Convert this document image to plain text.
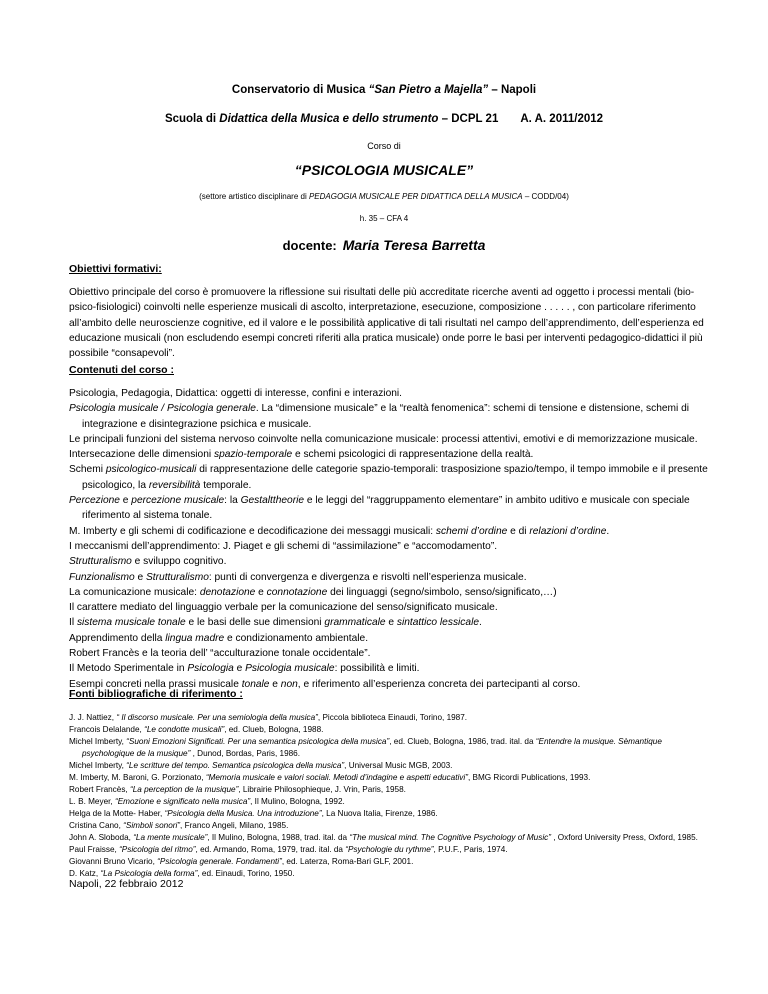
Conservatorio di Musica “San Pietro a Majella” – Napoli
Scuola di Didattica della Musica e dello strumento – DCPL 21 A. A. 2011/2012
Corso di
“PSICOLOGIA MUSICALE”
(settore artistico disciplinare di PEDAGOGIA MUSICALE PER DIDATTICA DELLA MUSICA – CODD/04)
h. 35 – CFA 4
docente: Maria Teresa Barretta
Obiettivi formativi:
Obiettivo principale del corso è promuovere la riflessione sui risultati delle più accreditate ricerche aventi ad oggetto i processi mentali (bio-psico-fisiologici) coinvolti nelle esperienze musicali di ascolto, interpretazione, esecuzione, composizione . . . . . , con particolare riferimento all’ambito delle neuroscienze cognitive, ed il valore e le possibilità applicative di tali risultati nel campo dell’apprendimento, dell’esperienza ed educazione musicali (non escludendo esempi concreti riferiti alla pratica musicale) onde porre le basi per interventi pedagogico-didattici il più possibile “consapevoli”.
Contenuti del corso :
Psicologia, Pedagogia, Didattica: oggetti di interesse, confini e interazioni.
Psicologia musicale / Psicologia generale. La “dimensione musicale” e la “realtà fenomenica”: schemi di tensione e distensione, schemi di integrazione e disintegrazione psichica e musicale.
Le principali funzioni del sistema nervoso coinvolte nella comunicazione musicale: processi attentivi, emotivi e di memorizzazione musicale.
Intersecazione delle dimensioni spazio-temporale e schemi psicologici di rappresentazione della realtà.
Schemi psicologico-musicali di rappresentazione delle categorie spazio-temporali: trasposizione spazio/tempo, il tempo immobile e il presente psicologico, la reversibilità temporale.
Percezione e percezione musicale: la Gestalttheorie e le leggi del “raggruppamento elementare” in ambito uditivo e musicale con speciale riferimento al sistema tonale.
M. Imberty e gli schemi di codificazione e decodificazione dei messaggi musicali: schemi d’ordine e di relazioni d’ordine.
I meccanismi dell’apprendimento: J. Piaget e gli schemi di “assimilazione” e “accomodamento”.
Strutturalismo e sviluppo cognitivo.
Funzionalismo e Strutturalismo: punti di convergenza e divergenza e risvolti nell’esperienza musicale.
La comunicazione musicale: denotazione e connotazione dei linguaggi (segno/simbolo, senso/significato,…)
Il carattere mediato del linguaggio verbale per la comunicazione del senso/significato musicale.
Il sistema musicale tonale e le basi delle sue dimensioni grammaticale e sintattico lessicale.
Apprendimento della lingua madre e condizionamento ambientale.
Robert Francès e la teoria dell’ “acculturazione tonale occidentale”.
Il Metodo Sperimentale in Psicologia e Psicologia musicale: possibilità e limiti.
Esempi concreti nella prassi musicale tonale e non, e riferimento all’esperienza concreta dei partecipanti al corso.
Fonti bibliografiche di riferimento :
J. J. Nattiez, “ Il discorso musicale. Per una semiologia della musica”, Piccola biblioteca Einaudi, Torino, 1987.
Francois Delalande, “Le condotte musicali”, ed. Clueb, Bologna, 1988.
Michel Imberty, “Suoni Emozioni Significati. Per una semantica psicologica della musica”, ed. Clueb, Bologna, 1986, trad. ital. da “Entendre la musique. Sèmantique psychologique de la musique” , Dunod, Bordas, Paris, 1986.
Michel Imberty, “Le scritture del tempo. Semantica psicologica della musica”, Universal Music MGB, 2003.
M. Imberty, M. Baroni, G. Porzionato, “Memoria musicale e valori sociali. Metodi d’indagine e aspetti educativi”, BMG Ricordi Publications, 1993.
Robert Francès, “La perception de la musique”, Librairie Philosophieque, J. Vrin, Paris, 1958.
L. B. Meyer, “Emozione e significato nella musica”, Il Mulino, Bologna, 1992.
Helga de la Motte- Haber, “Psicologia della Musica. Una introduzione”, La Nuova Italia, Firenze, 1986.
Cristina Cano, “Simboli sonori”, Franco Angeli, Milano, 1985.
John A. Sloboda, “La mente musicale”, Il Mulino, Bologna, 1988, trad. ital. da “The musical mind. The Cognitive Psychology of Music” , Oxford University Press, Oxford, 1985.
Paul Fraisse, “Psicologia del ritmo”, ed. Armando, Roma, 1979, trad. ital. da “Psychologie du rythme”, P.U.F., Paris, 1974.
Giovanni Bruno Vicario, “Psicologia generale. Fondamenti”, ed. Laterza, Roma-Bari GLF, 2001.
D. Katz, “La Psicologia della forma”, ed. Einaudi, Torino, 1950.
Napoli, 22 febbraio 2012
